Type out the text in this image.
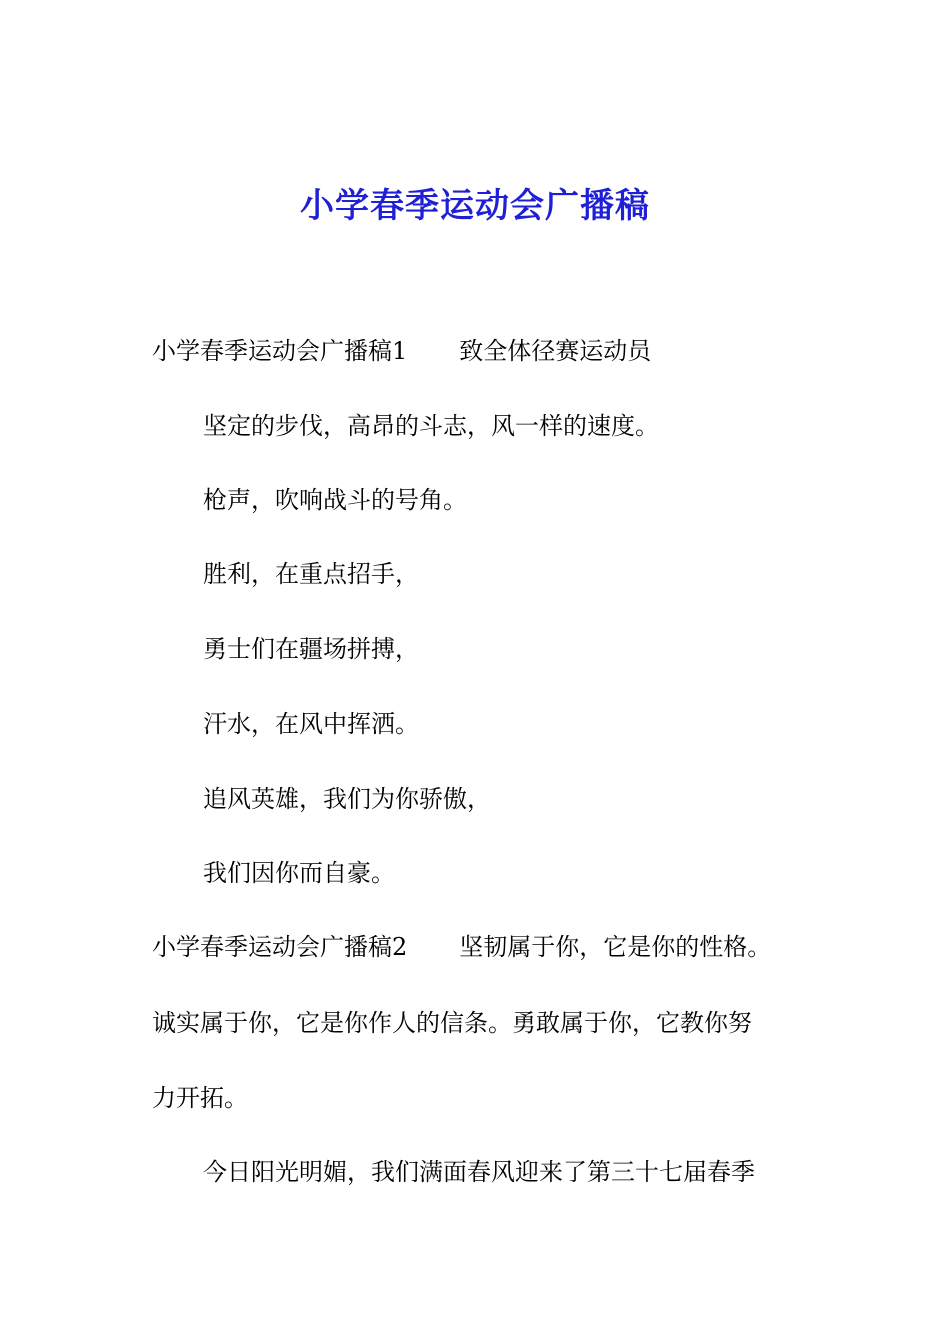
小学春季运动会广播稿
小学春季运动会广播稿1 致全体径赛运动员
坚定的步伐，高昂的斗志，风一样的速度。
枪声，吹响战斗的号角。
胜利，在重点招手，
勇士们在疆场拼搏，
汗水，在风中挥洒。
追风英雄，我们为你骄傲，
我们因你而自豪。
小学春季运动会广播稿2 坚韧属于你，它是你的性格。
诚实属于你，它是你作人的信条。勇敢属于你，它教你努
力开拓。
今日阳光明媚，我们满面春风迎来了第三十七届春季
